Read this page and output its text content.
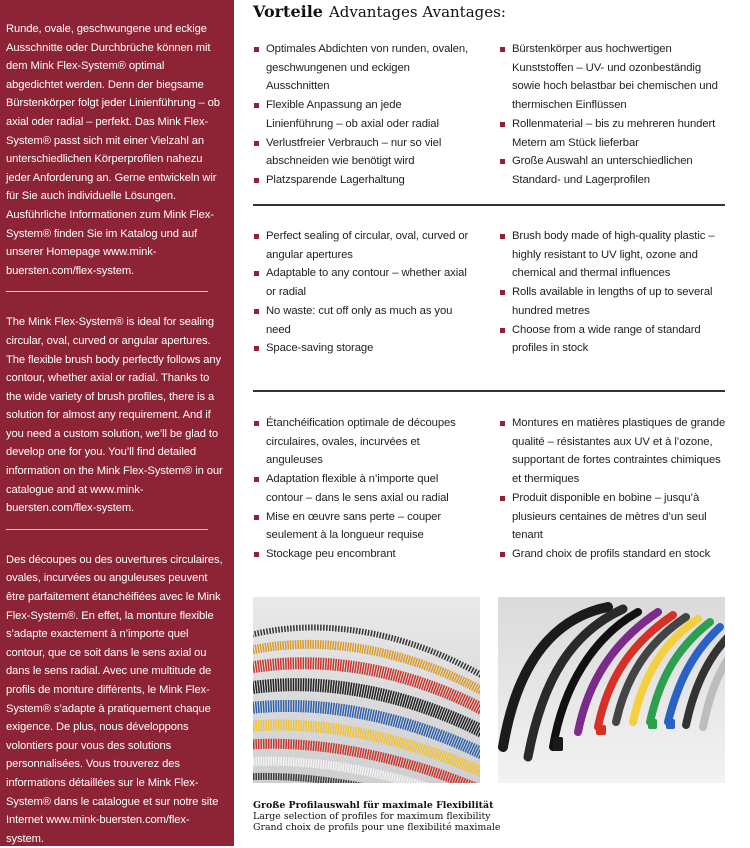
Runde, ovale, geschwungene und eckige Ausschnitte oder Durchbrüche können mit dem Mink Flex-System® optimal abgedichtet werden. Denn der biegsame Bürstenkörper folgt jeder Linienführung – ob axial oder radial – perfekt. Das Mink Flex-System® passt sich mit einer Vielzahl an unterschiedlichen Körperprofilen nahezu jeder Anforderung an. Gerne entwickeln wir für Sie auch individuelle Lösungen. Ausführliche Informationen zum Mink Flex-System® finden Sie im Katalog und auf unserer Homepage www.mink-buersten.com/flex-system.

The Mink Flex-System® is ideal for sealing circular, oval, curved or angular apertures. The flexible brush body perfectly follows any contour, whether axial or radial. Thanks to the wide variety of brush profiles, there is a solution for almost any requirement. And if you need a custom solution, we’ll be glad to develop one for you. You’ll find detailed information on the Mink Flex-System® in our catalogue and at www.mink-buersten.com/flex-system.

Des découpes ou des ouvertures circulaires, ovales, incurvées ou anguleuses peuvent être parfaitement étanchéifiées avec le Mink Flex-System®. En effet, la monture flexible s’adapte exactement à n’importe quel contour, que ce soit dans le sens axial ou dans le sens radial. Avec une multitude de profils de monture différents, le Mink Flex-System® s’adapte à pratiquement chaque exigence. De plus, nous développons volontiers pour vous des solutions personnalisées. Vous trouverez des informations détaillées sur le Mink Flex-System® dans le catalogue et sur notre site Internet www.mink-buersten.com/flex-system.

Vorteile Advantages Avantages:
Optimales Abdichten von runden, ovalen, geschwungenen und eckigen Ausschnitten
Flexible Anpassung an jede Linienführung – ob axial oder radial
Verlustfreier Verbrauch – nur so viel abschneiden wie benötigt wird
Platzsparende Lagerhaltung
Bürstenkörper aus hochwertigen Kunststoffen – UV- und ozonbeständig sowie hoch belastbar bei chemischen und thermischen Einflüssen
Rollenmaterial – bis zu mehreren hundert Metern am Stück lieferbar
Große Auswahl an unterschiedlichen Standard- und Lagerprofilen
Perfect sealing of circular, oval, curved or angular apertures
Adaptable to any contour – whether axial or radial
No waste: cut off only as much as you need
Space-saving storage
Brush body made of high-quality plastic – highly resistant to UV light, ozone and chemical and thermal influences
Rolls available in lengths of up to several hundred metres
Choose from a wide range of standard profiles in stock
Étanchéification optimale de découpes circulaires, ovales, incurvées et anguleuses
Adaptation flexible à n’importe quel contour – dans le sens axial ou radial
Mise en œuvre sans perte – couper seulement à la longueur requise
Stockage peu encombrant
Montures en matières plastiques de grande qualité – résistantes aux UV et à l’ozone, supportant de fortes contraintes chimiques et thermiques
Produit disponible en bobine – jusqu’à plusieurs centaines de mètres d’un seul tenant
Grand choix de profils standard en stock

Große Profilauswahl für maximale Flexibilität
Large selection of profiles for maximum flexibility
Grand choix de profils pour une flexibilité maximale
